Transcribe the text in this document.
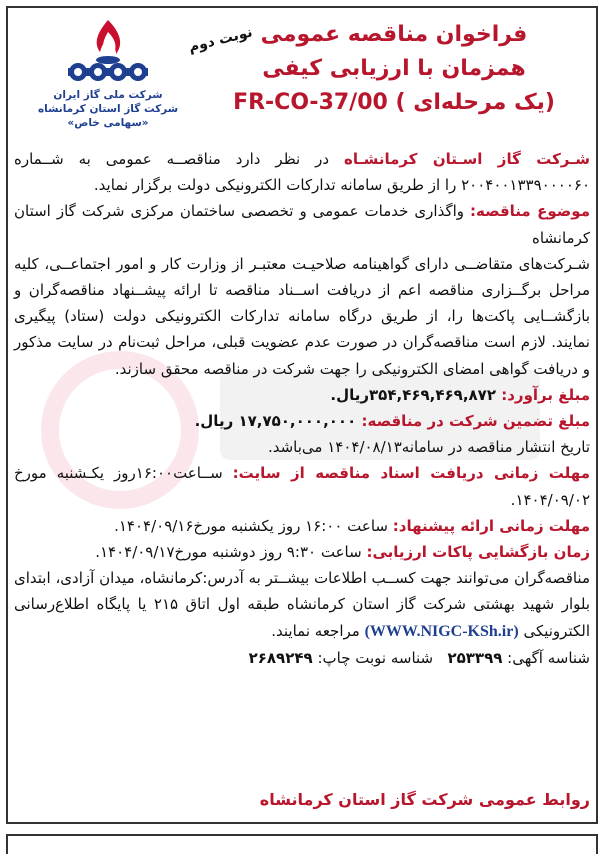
شرکت ملی گاز ایران
شرکت گاز استان کرمانشاه
«سهامی خاص»
نوبت دوم فراخوان مناقصه عمومی
همزمان با ارزیابی کیفی
(یک مرحله‌ای ) FR-CO-37/00

شـرکت گاز اسـتان کرمانشـاه در نظر دارد مناقصــه عمومی به شــماره ۲۰۰۴۰۰۱۳۳۹۰۰۰۰۶۰ را از طریق سامانه تدارکات الکترونیکی دولت برگزار نماید.

موضوع مناقصه: واگذاری خدمات عمومی و تخصصی ساختمان مرکزی شرکت گاز استان کرمانشاه

شـرکت‌های متقاضــی دارای گواهینامه صلاحیـت معتبـر از وزارت کار و امور اجتماعــی، کلیه مراحل برگــزاری مناقصه اعم از دریافت اســناد مناقصه تا ارائه پیشــنهاد مناقصه‌گران و بازگشــایی پاکت‌ها را، از طریق درگاه سامانه تدارکات الکترونیکی دولت (ستاد) پیگیری نمایند. لازم است مناقصه‌گران در صورت عدم عضویت قبلی، مراحل ثبت‌نام در سایت مذکور و دریافت گواهی امضای الکترونیکی را جهت شرکت در مناقصه محقق سازند.

مبلغ برآورد: ۳۵۴,۴۶۹,۴۶۹,۸۷۲ریال.

مبلغ تضمین شرکت در مناقصه: ۱۷,۷۵۰,۰۰۰,۰۰۰ ریال.

تاریخ انتشار مناقصه در سامانه۱۴۰۴/۰۸/۱۳ می‌باشد.

مهلت زمانی دریافت اسناد مناقصه از سایت: ســاعت۱۶:۰۰روز یکـشنبه مورخ ۱۴۰۴/۰۹/۰۲.

مهلت زمانی ارائه پیشنهاد: ساعت ۱۶:۰۰ روز یکشنبه مورخ۱۴۰۴/۰۹/۱۶.

زمان بازگشایی پاکات ارزیابی: ساعت ۹:۳۰ روز دوشنبه مورخ۱۴۰۴/۰۹/۱۷.

مناقصه‌گران می‌توانند جهت کســب اطلاعات بیشــتر به آدرس:کرمانشاه، میدان آزادی، ابتدای بلوار شهید بهشتی شرکت گاز استان کرمانشاه طبقه اول اتاق ۲۱۵ یا پایگاه اطلاع‌رسانی الکترونیکی (WWW.NIGC-KSh.ir) مراجعه نمایند.

شناسه آگهی: ۲۵۳۳۹۹   شناسه نوبت چاپ: ۲۶۸۹۲۴۹

روابط عمومی شرکت گاز استان کرمانشاه
